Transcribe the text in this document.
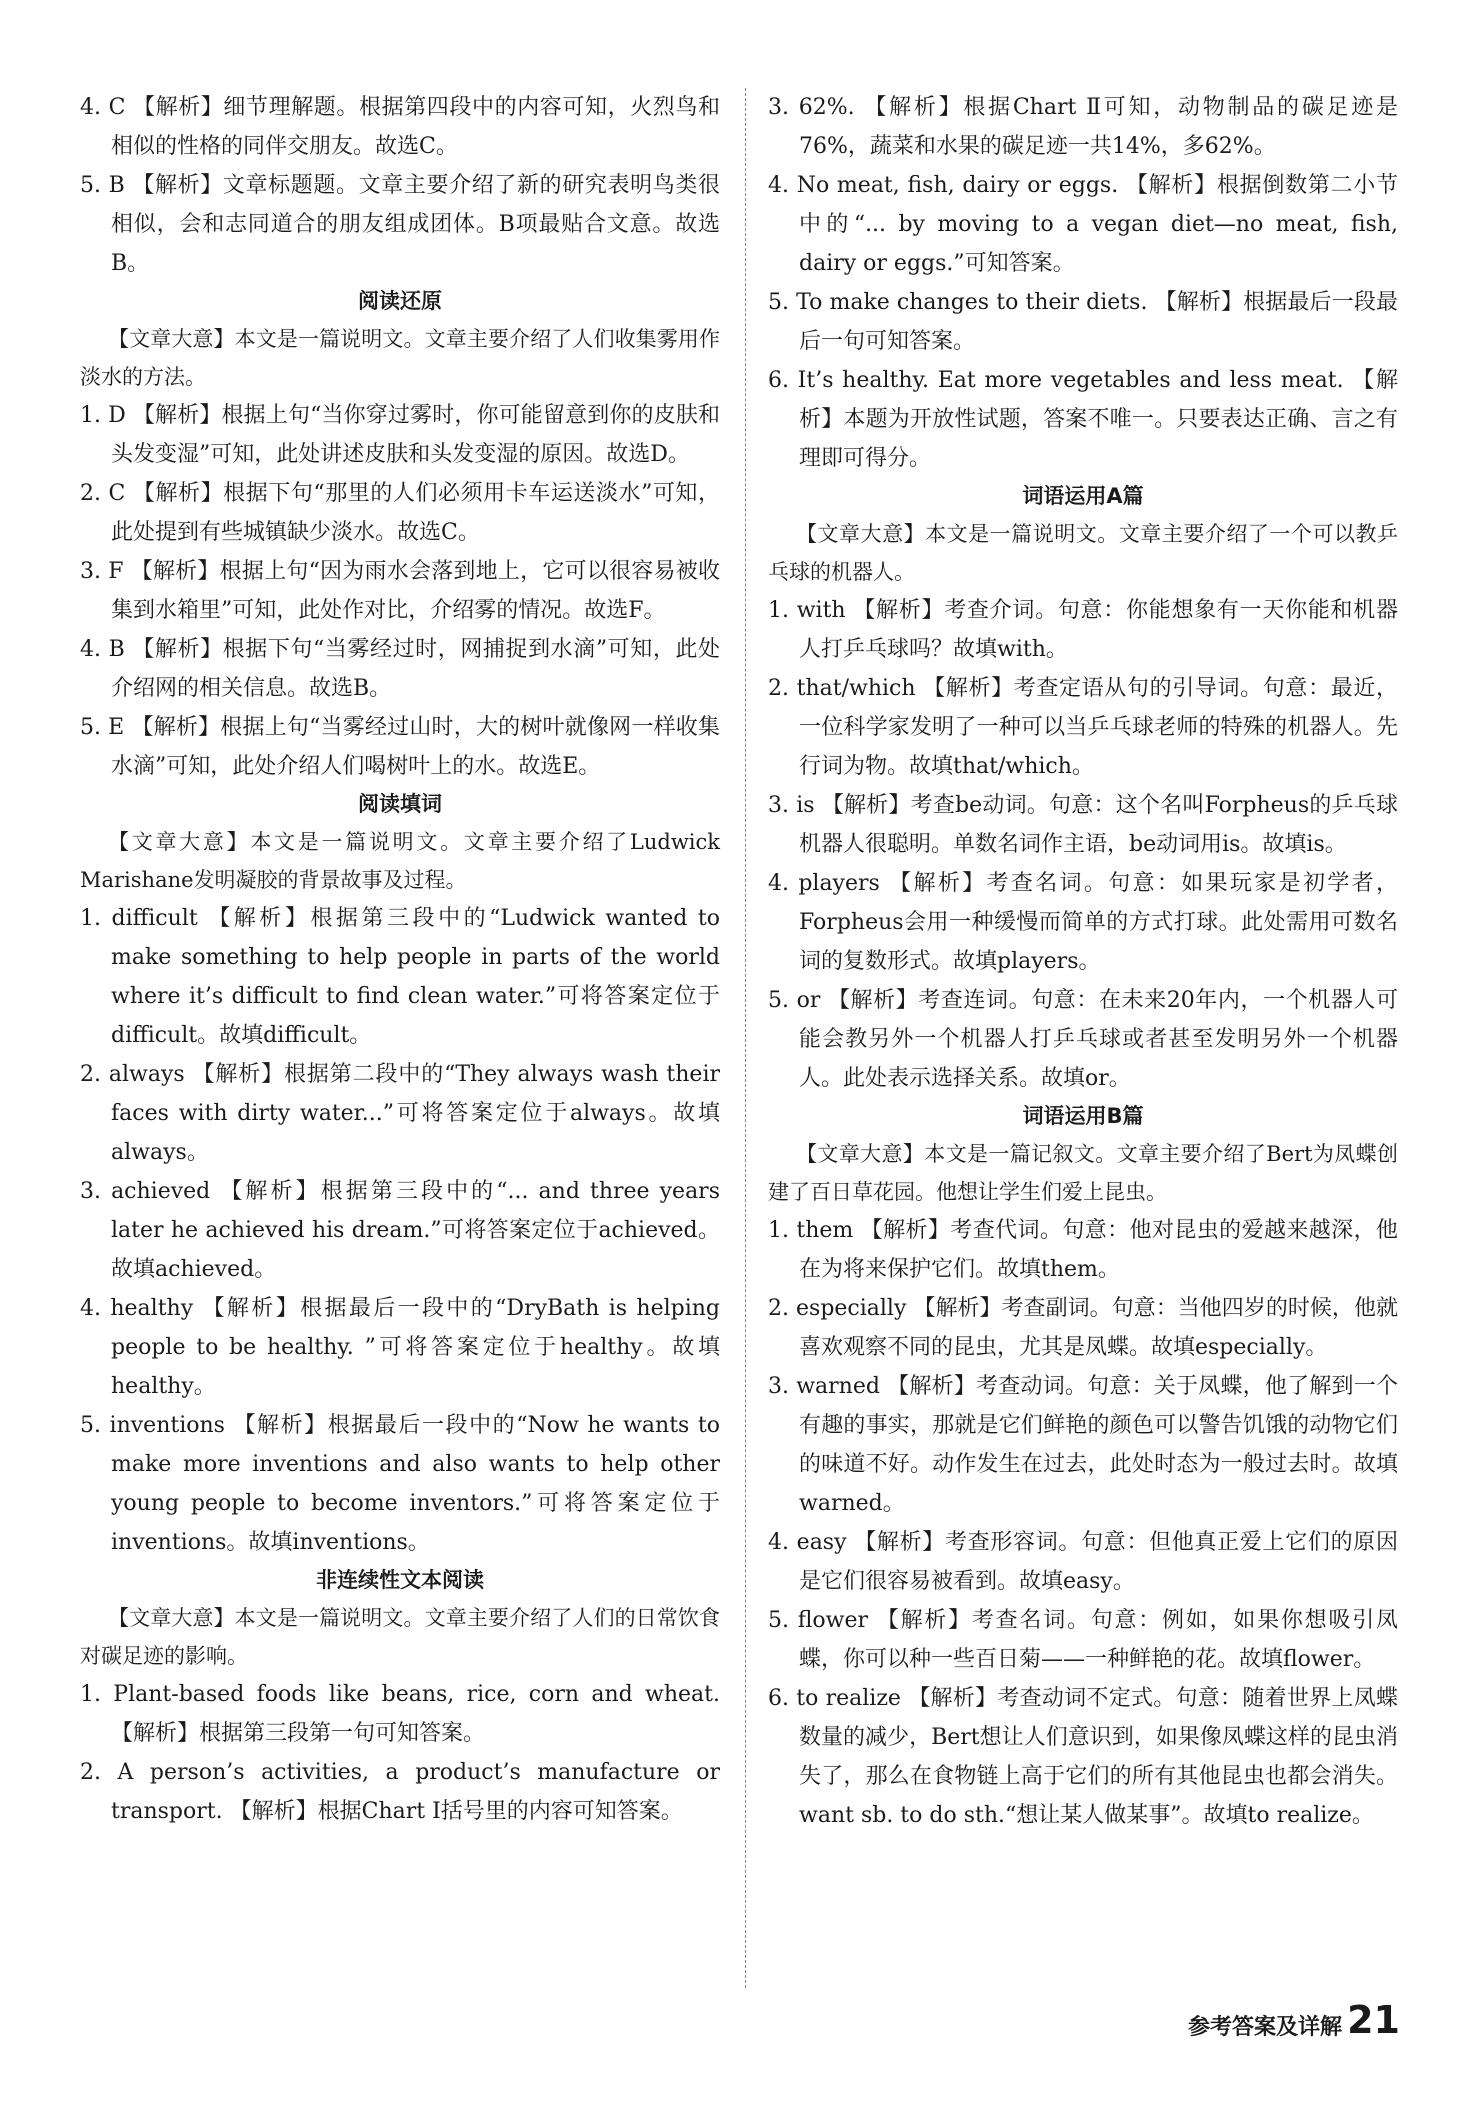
4. C 【解析】细节理解题。根据第四段中的内容可知，火烈鸟和相似的性格的同伴交朋友。故选C。
5. B 【解析】文章标题题。文章主要介绍了新的研究表明鸟类很相似，会和志同道合的朋友组成团体。B项最贴合文意。故选B。
阅读还原
【文章大意】本文是一篇说明文。文章主要介绍了人们收集雾用作淡水的方法。
1. D 【解析】根据上句“当你穿过雾时，你可能留意到你的皮肤和头发变湿”可知，此处讲述皮肤和头发变湿的原因。故选D。
2. C 【解析】根据下句“那里的人们必须用卡车运送淡水”可知，此处提到有些城镇缺少淡水。故选C。
3. F 【解析】根据上句“因为雨水会落到地上，它可以很容易被收集到水箱里”可知，此处作对比，介绍雾的情况。故选F。
4. B 【解析】根据下句“当雾经过时，网捕捉到水滴”可知，此处介绍网的相关信息。故选B。
5. E 【解析】根据上句“当雾经过山时，大的树叶就像网一样收集水滴”可知，此处介绍人们喝树叶上的水。故选E。
阅读填词
【文章大意】本文是一篇说明文。文章主要介绍了Ludwick Marishane发明凝胶的背景故事及过程。
1. difficult 【解析】根据第三段中的“Ludwick wanted to make something to help people in parts of the world where it’s difficult to find clean water.”可将答案定位于difficult。故填difficult。
2. always 【解析】根据第二段中的“They always wash their faces with dirty water...”可将答案定位于always。故填always。
3. achieved 【解析】根据第三段中的“... and three years later he achieved his dream.”可将答案定位于achieved。故填achieved。
4. healthy 【解析】根据最后一段中的“DryBath is helping people to be healthy. ”可将答案定位于healthy。故填healthy。
5. inventions 【解析】根据最后一段中的“Now he wants to make more inventions and also wants to help other young people to become inventors.”可将答案定位于inventions。故填inventions。
非连续性文本阅读
【文章大意】本文是一篇说明文。文章主要介绍了人们的日常饮食对碳足迹的影响。
1. Plant-based foods like beans, rice, corn and wheat. 【解析】根据第三段第一句可知答案。
2. A person’s activities, a product’s manufacture or transport. 【解析】根据Chart Ⅰ括号里的内容可知答案。
3. 62%. 【解析】根据Chart Ⅱ可知，动物制品的碳足迹是76%，蔬菜和水果的碳足迹一共14%，多62%。
4. No meat, fish, dairy or eggs. 【解析】根据倒数第二小节中的“... by moving to a vegan diet—no meat, fish, dairy or eggs.”可知答案。
5. To make changes to their diets. 【解析】根据最后一段最后一句可知答案。
6. It’s healthy. Eat more vegetables and less meat. 【解析】本题为开放性试题，答案不唯一。只要表达正确、言之有理即可得分。
词语运用A篇
【文章大意】本文是一篇说明文。文章主要介绍了一个可以教乒乓球的机器人。
1. with 【解析】考查介词。句意：你能想象有一天你能和机器人打乒乓球吗？故填with。
2. that/which 【解析】考查定语从句的引导词。句意：最近，一位科学家发明了一种可以当乒乓球老师的特殊的机器人。先行词为物。故填that/which。
3. is 【解析】考查be动词。句意：这个名叫Forpheus的乒乓球机器人很聪明。单数名词作主语，be动词用is。故填is。
4. players 【解析】考查名词。句意：如果玩家是初学者，Forpheus会用一种缓慢而简单的方式打球。此处需用可数名词的复数形式。故填players。
5. or 【解析】考查连词。句意：在未来20年内，一个机器人可能会教另外一个机器人打乒乓球或者甚至发明另外一个机器人。此处表示选择关系。故填or。
词语运用B篇
【文章大意】本文是一篇记叙文。文章主要介绍了Bert为凤蝶创建了百日草花园。他想让学生们爱上昆虫。
1. them 【解析】考查代词。句意：他对昆虫的爱越来越深，他在为将来保护它们。故填them。
2. especially 【解析】考查副词。句意：当他四岁的时候，他就喜欢观察不同的昆虫，尤其是凤蝶。故填especially。
3. warned 【解析】考查动词。句意：关于凤蝶，他了解到一个有趣的事实，那就是它们鲜艳的颜色可以警告饥饿的动物它们的味道不好。动作发生在过去，此处时态为一般过去时。故填warned。
4. easy 【解析】考查形容词。句意：但他真正爱上它们的原因是它们很容易被看到。故填easy。
5. flower 【解析】考查名词。句意：例如，如果你想吸引凤蝶，你可以种一些百日菊——一种鲜艳的花。故填flower。
6. to realize 【解析】考查动词不定式。句意：随着世界上凤蝶数量的减少，Bert想让人们意识到，如果像凤蝶这样的昆虫消失了，那么在食物链上高于它们的所有其他昆虫也都会消失。want sb. to do sth.“想让某人做某事”。故填to realize。
参考答案及详解 21
